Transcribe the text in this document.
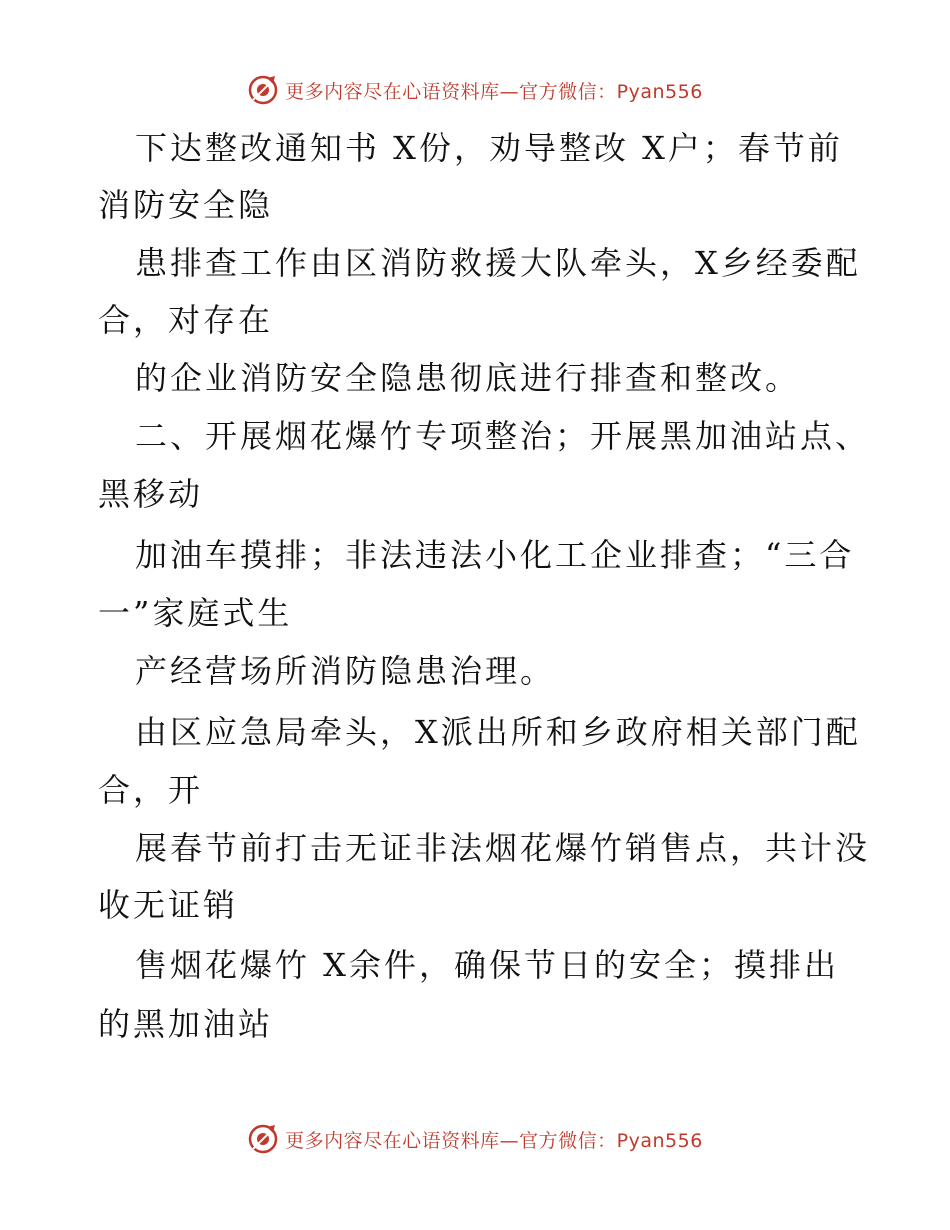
更多内容尽在心语资料库—官方微信：Pyan556
下达整改通知书 X份，劝导整改 X户；春节前
消防安全隐
患排查工作由区消防救援大队牵头，X乡经委配
合，对存在
的企业消防安全隐患彻底进行排查和整改。
二、开展烟花爆竹专项整治；开展黑加油站点、
黑移动
加油车摸排；非法违法小化工企业排查；“三合
一”家庭式生
产经营场所消防隐患治理。
由区应急局牵头，X派出所和乡政府相关部门配
合，开
展春节前打击无证非法烟花爆竹销售点，共计没
收无证销
售烟花爆竹 X余件，确保节日的安全；摸排出
的黑加油站
更多内容尽在心语资料库—官方微信：Pyan556
